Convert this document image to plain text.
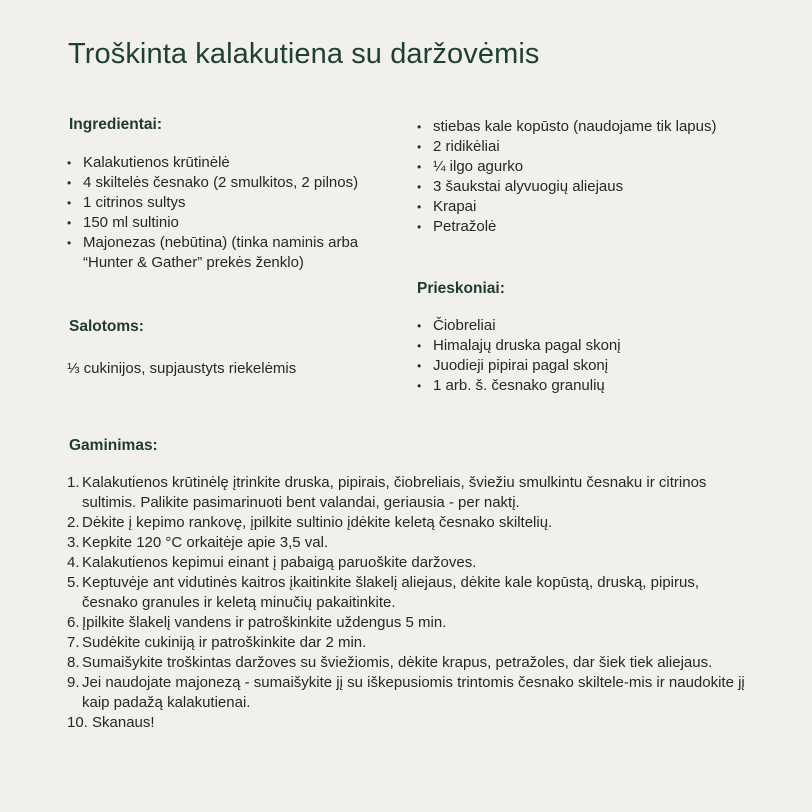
Troškinta kalakutiena su daržovėmis
Ingredientai:
• Kalakutienos krūtinėlė
• 4 skiltelės česnako (2 smulkitos, 2 pilnos)
• 1 citrinos sultys
• 150 ml sultinio
• Majonezas (nebūtina) (tinka naminis arba “Hunter & Gather” prekės ženklo)
Salotoms:
⅓ cukinijos, supjaustyts riekelėmis
• stiebas kale kopūsto (naudojame tik lapus)
• 2 ridikėliai
• ¼ ilgo agurko
• 3 šaukstai alyvuogių aliejaus
• Krapai
• Petražolė
Prieskoniai:
• Čiobreliai
• Himalajų druska pagal skonį
• Juodieji pipirai pagal skonį
• 1 arb. š. česnako granulių
Gaminimas:
1. Kalakutienos krūtinėlę įtrinkite druska, pipirais, čiobreliais, šviežiu smulkintu česnaku ir citrinos sultimis. Palikite pasimarinuoti bent valandai, geriausia - per naktį.
2. Dėkite į kepimo rankovę, įpilkite sultinio įdėkite keletą česnako skiltelių.
3. Kepkite 120 °C orkaitėje apie 3,5 val.
4. Kalakutienos kepimui einant į pabaigą paruoškite daržoves.
5. Keptuvėje ant vidutinės kaitros įkaitinkite šlakelį aliejaus, dėkite kale kopūstą, druską, pipirus, česnako granules ir keletą minučių pakaitinkite.
6. Įpilkite šlakelį vandens ir patroškinkite uždengus 5 min.
7. Sudėkite cukiniją ir patroškinkite dar 2 min.
8. Sumaišykite troškintas daržoves su šviežiomis, dėkite krapus, petražoles, dar šiek tiek aliejaus.
9. Jei naudojate majonezą - sumaišykite jį su iškepusiomis trintomis česnako skiltele-mis ir naudokite jį kaip padažą kalakutienai.
10. Skanaus!
